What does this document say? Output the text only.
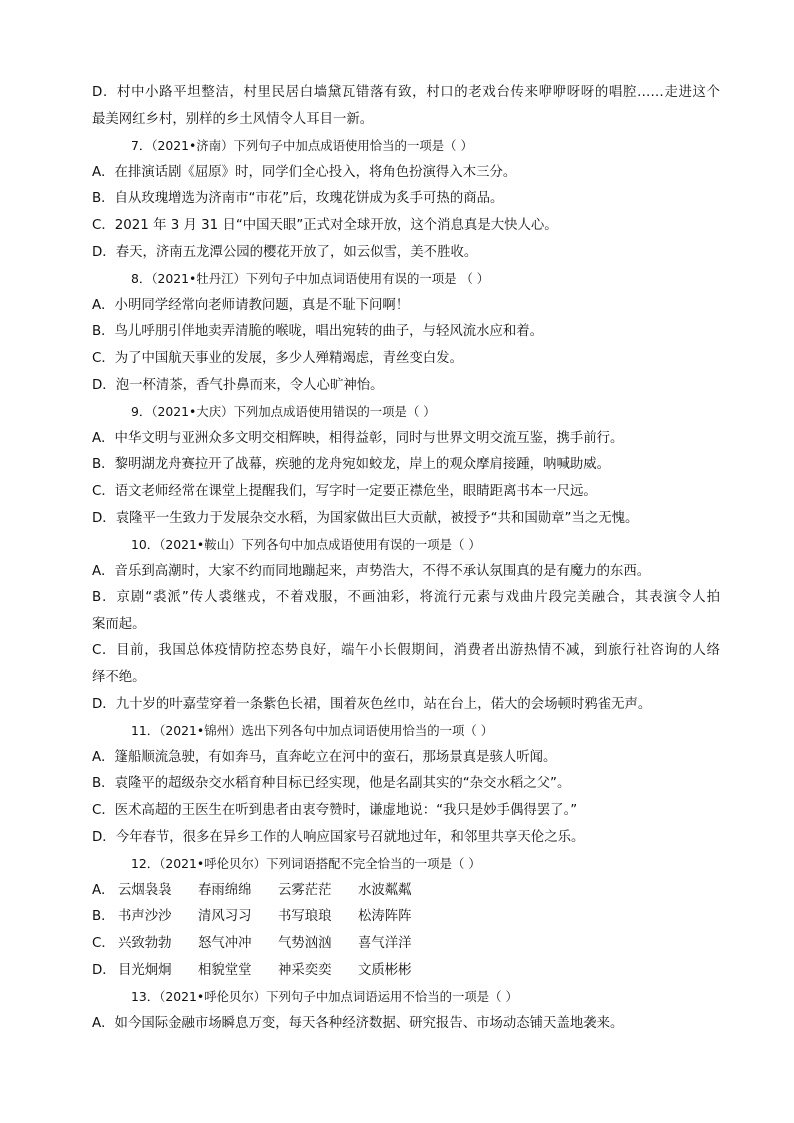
D．村中小路平坦整洁，村里民居白墙黛瓦错落有致，村口的老戏台传来咿咿呀呀的唱腔……走进这个
最美网红乡村，别样的乡土风情令人耳目一新。
7．（2021•济南）下列句子中加点成语使用恰当的一项是（ ）
A．在排演话剧《屈原》时，同学们全心投入，将角色扮演得入木三分。
B．自从玫瑰增选为济南市“市花”后，玫瑰花饼成为炙手可热的商品。
C．2021 年 3 月 31 日“中国天眼”正式对全球开放，这个消息真是大快人心。
D．春天，济南五龙潭公园的樱花开放了，如云似雪，美不胜收。
8．（2021•牡丹江）下列句子中加点词语使用有误的一项是 （ ）
A．小明同学经常向老师请教问题，真是不耻下问啊！
B．鸟儿呼朋引伴地卖弄清脆的喉咙，唱出宛转的曲子，与轻风流水应和着。
C．为了中国航天事业的发展，多少人殚精竭虑，青丝变白发。
D．泡一杯清茶，香气扑鼻而来，令人心旷神怡。
9．（2021•大庆）下列加点成语使用错误的一项是（ ）
A．中华文明与亚洲众多文明交相辉映，相得益彰，同时与世界文明交流互鉴，携手前行。
B．黎明湖龙舟赛拉开了战幕，疾驰的龙舟宛如蛟龙，岸上的观众摩肩接踵，呐喊助威。
C．语文老师经常在课堂上提醒我们，写字时一定要正襟危坐，眼睛距离书本一尺远。
D．袁隆平一生致力于发展杂交水稻，为国家做出巨大贡献，被授予“共和国勋章”当之无愧。
10．（2021•鞍山）下列各句中加点成语使用有误的一项是（ ）
A．音乐到高潮时，大家不约而同地蹦起来，声势浩大，不得不承认氛围真的是有魔力的东西。
B．京剧“裘派”传人裘继戎，不着戏服，不画油彩，将流行元素与戏曲片段完美融合，其表演令人拍
案而起。
C．目前，我国总体疫情防控态势良好，端午小长假期间，消费者出游热情不减，到旅行社咨询的人络
绎不绝。
D．九十岁的叶嘉莹穿着一条紫色长裙，围着灰色丝巾，站在台上，偌大的会场顿时鸦雀无声。
11．（2021•锦州）选出下列各句中加点词语使用恰当的一项（ ）
A．篷船顺流急驶，有如奔马，直奔屹立在河中的蛮石，那场景真是骇人听闻。
B．袁隆平的超级杂交水稻育种目标已经实现，他是名副其实的“杂交水稻之父”。
C．医术高超的王医生在听到患者由衷夸赞时，谦虚地说：“我只是妙手偶得罢了。”
D．今年春节，很多在异乡工作的人响应国家号召就地过年，和邻里共享天伦之乐。
12．（2021•呼伦贝尔）下列词语搭配不完全恰当的一项是（ ）
A． 云烟袅袅	春雨绵绵	云雾茫茫	水波粼粼
B． 书声沙沙	清风习习	书写琅琅	松涛阵阵
C． 兴致勃勃	怒气冲冲	气势汹汹	喜气洋洋
D． 目光炯炯	相貌堂堂	神采奕奕	文质彬彬
13．（2021•呼伦贝尔）下列句子中加点词语运用不恰当的一项是（ ）
A．如今国际金融市场瞬息万变，每天各种经济数据、研究报告、市场动态铺天盖地袭来。
